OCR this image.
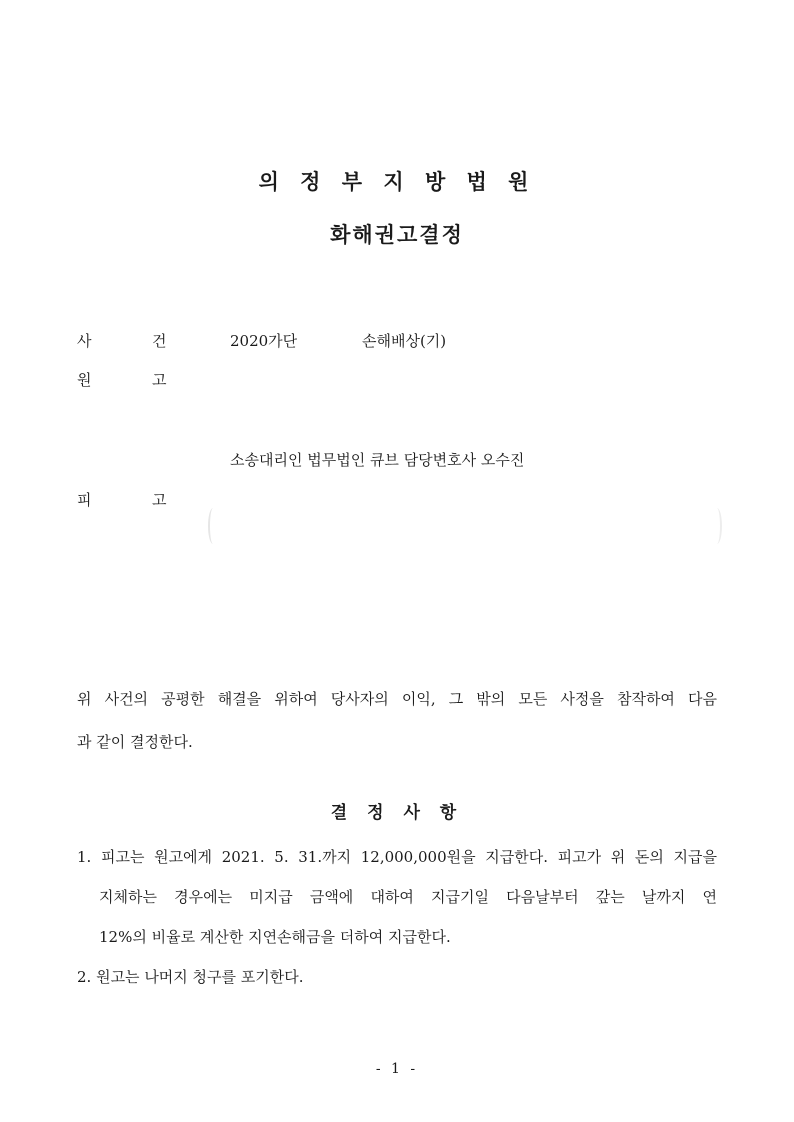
의 정 부 지 방 법 원
화해권고결정
사	건	2020가단	손해배상(기)
원	고
소송대리인 법무법인 큐브 담당변호사 오수진
피	고
위 사건의 공평한 해결을 위하여 당사자의 이익, 그 밖의 모든 사정을 참작하여 다음
과 같이 결정한다.
결 정 사 항
1. 피고는 원고에게 2021. 5. 31.까지 12,000,000원을 지급한다. 피고가 위 돈의 지급을
지체하는 경우에는 미지급 금액에 대하여 지급기일 다음날부터 갚는 날까지 연
12%의 비율로 계산한 지연손해금을 더하여 지급한다.
2. 원고는 나머지 청구를 포기한다.
- 1 -
